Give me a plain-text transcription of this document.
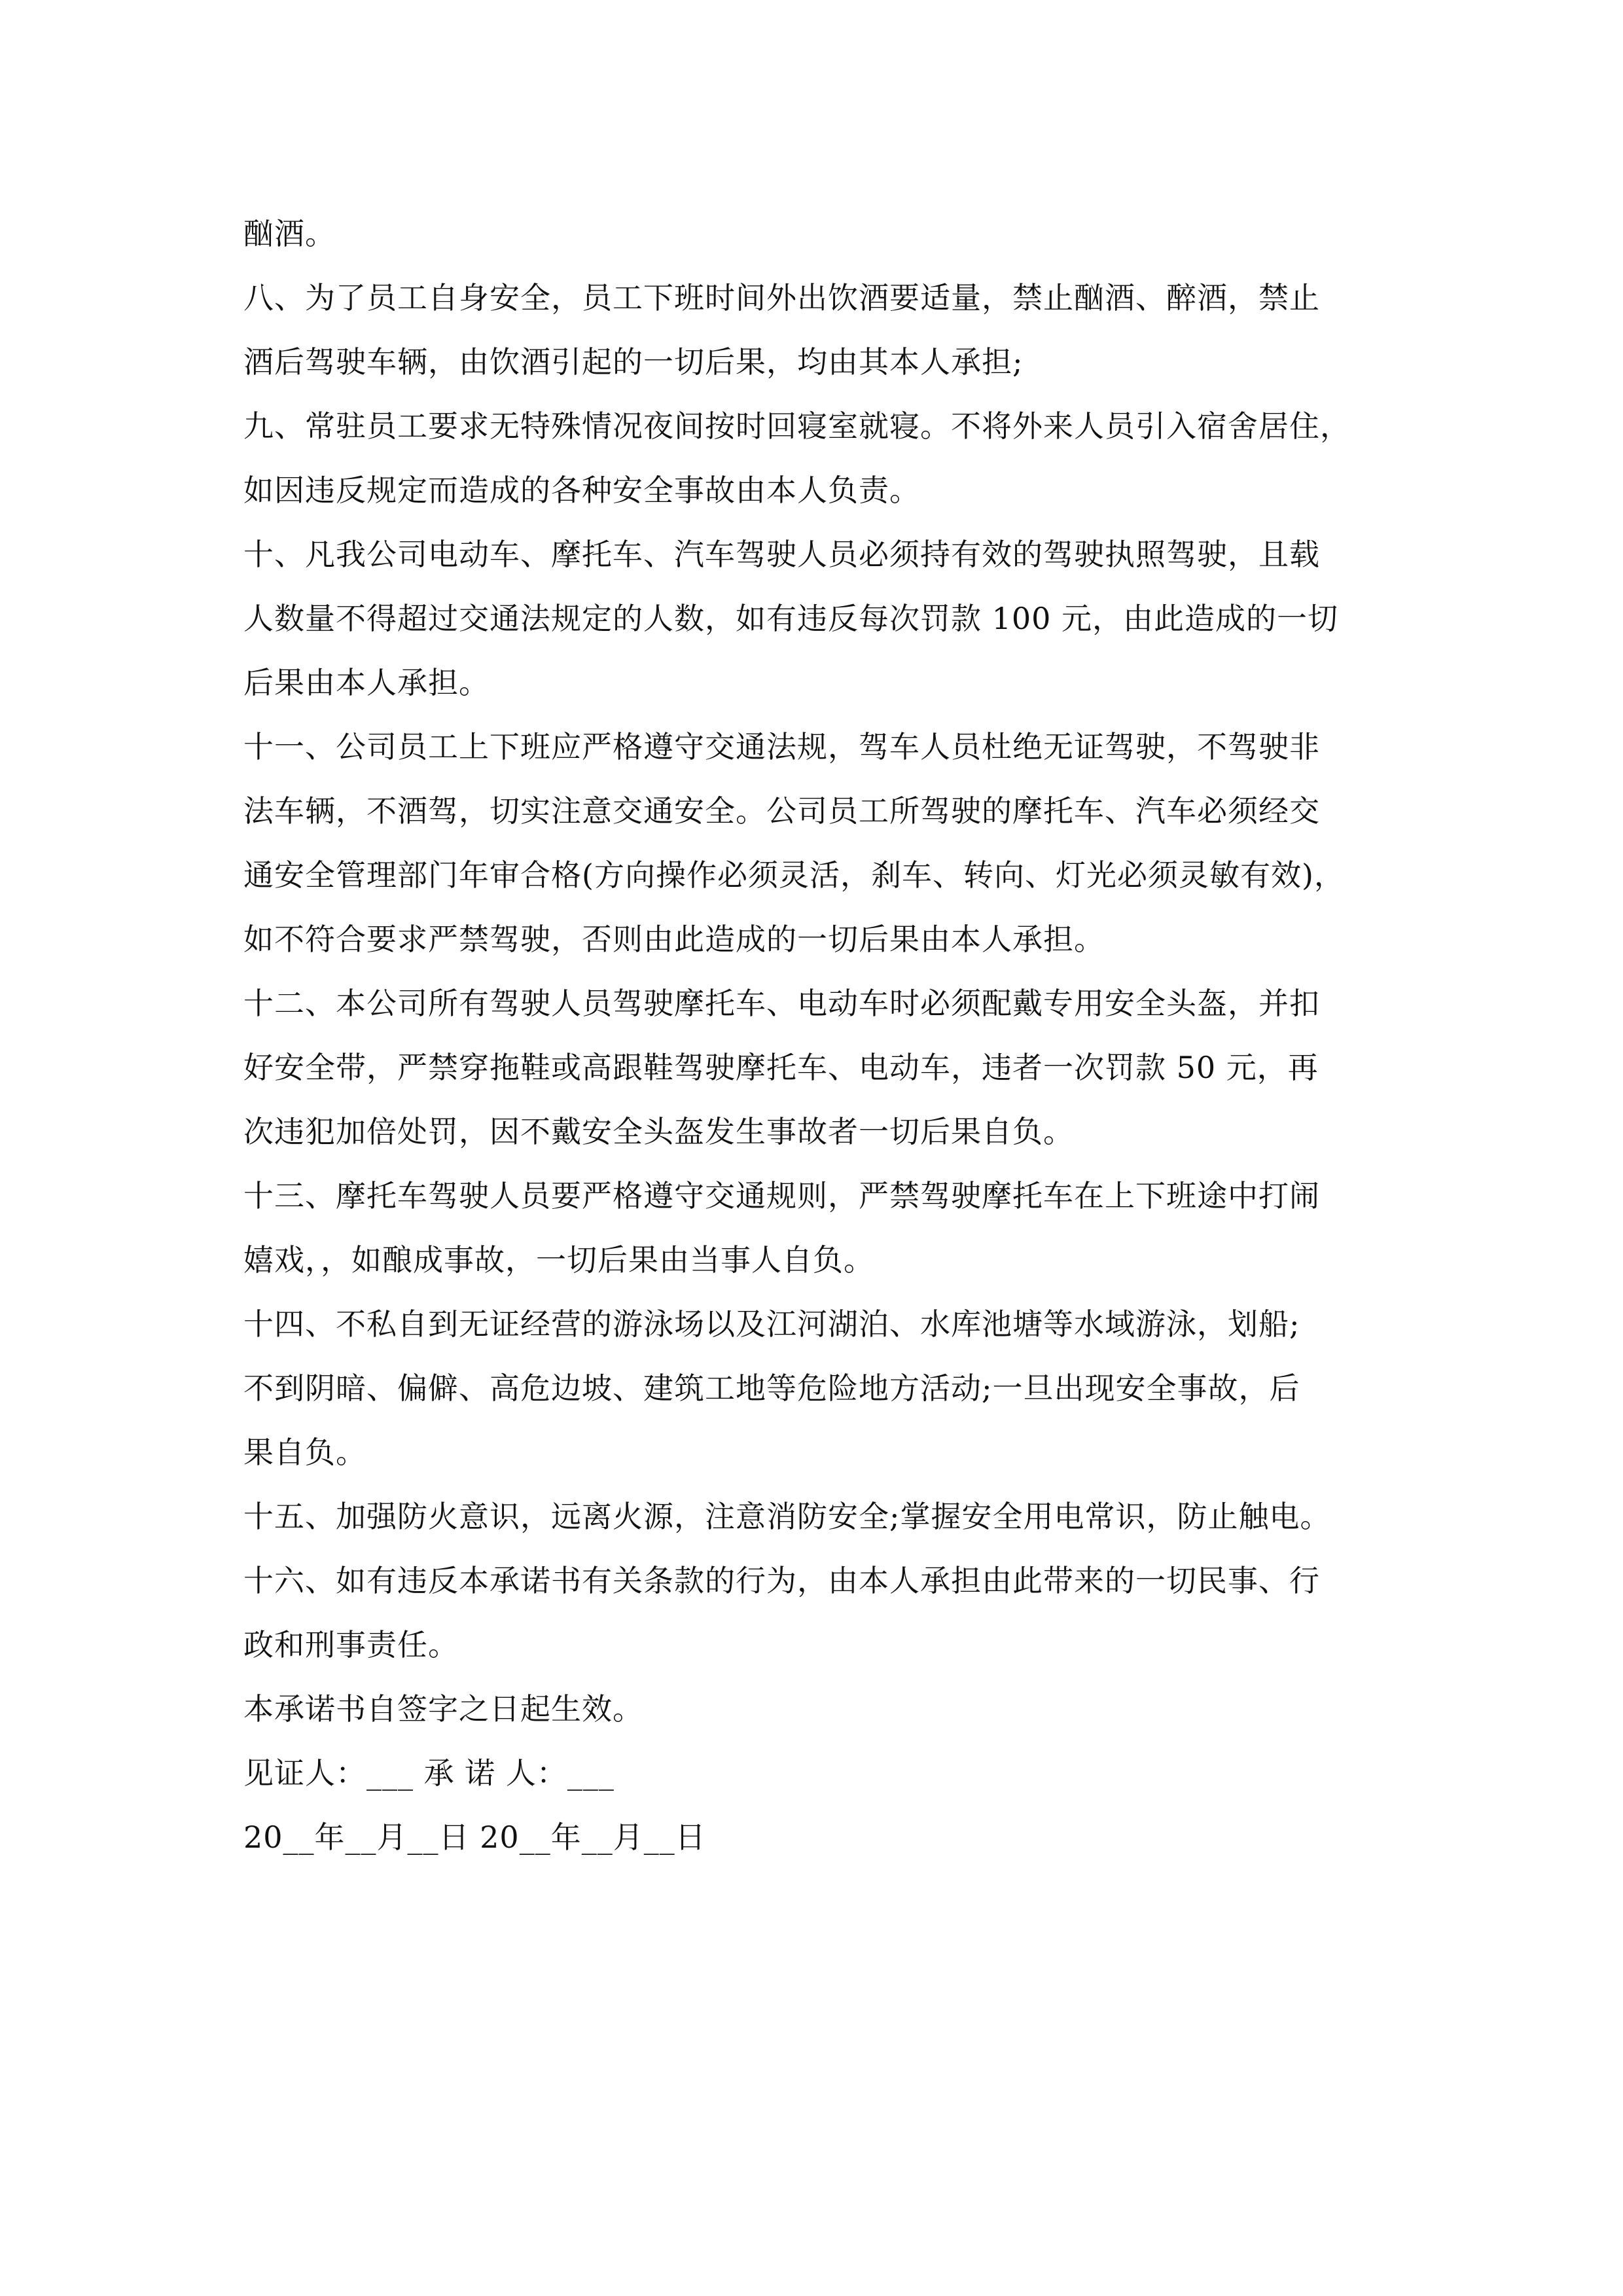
酗酒。
八、为了员工自身安全，员工下班时间外出饮酒要适量，禁止酗酒、醉酒，禁止
酒后驾驶车辆，由饮酒引起的一切后果，均由其本人承担;
九、常驻员工要求无特殊情况夜间按时回寝室就寝。不将外来人员引入宿舍居住，
如因违反规定而造成的各种安全事故由本人负责。
十、凡我公司电动车、摩托车、汽车驾驶人员必须持有效的驾驶执照驾驶，且载
人数量不得超过交通法规定的人数，如有违反每次罚款 100 元，由此造成的一切
后果由本人承担。
十一、公司员工上下班应严格遵守交通法规，驾车人员杜绝无证驾驶，不驾驶非
法车辆，不酒驾，切实注意交通安全。公司员工所驾驶的摩托车、汽车必须经交
通安全管理部门年审合格(方向操作必须灵活，刹车、转向、灯光必须灵敏有效)，
如不符合要求严禁驾驶，否则由此造成的一切后果由本人承担。
十二、本公司所有驾驶人员驾驶摩托车、电动车时必须配戴专用安全头盔，并扣
好安全带，严禁穿拖鞋或高跟鞋驾驶摩托车、电动车，违者一次罚款 50 元，再
次违犯加倍处罚，因不戴安全头盔发生事故者一切后果自负。
十三、摩托车驾驶人员要严格遵守交通规则，严禁驾驶摩托车在上下班途中打闹
嬉戏，，如酿成事故，一切后果由当事人自负。
十四、不私自到无证经营的游泳场以及江河湖泊、水库池塘等水域游泳，划船;
不到阴暗、偏僻、高危边坡、建筑工地等危险地方活动;一旦出现安全事故，后
果自负。
十五、加强防火意识，远离火源，注意消防安全;掌握安全用电常识，防止触电。
十六、如有违反本承诺书有关条款的行为，由本人承担由此带来的一切民事、行
政和刑事责任。
本承诺书自签字之日起生效。
见证人：___ 承 诺 人：___
20__年__月__日 20__年__月__日
